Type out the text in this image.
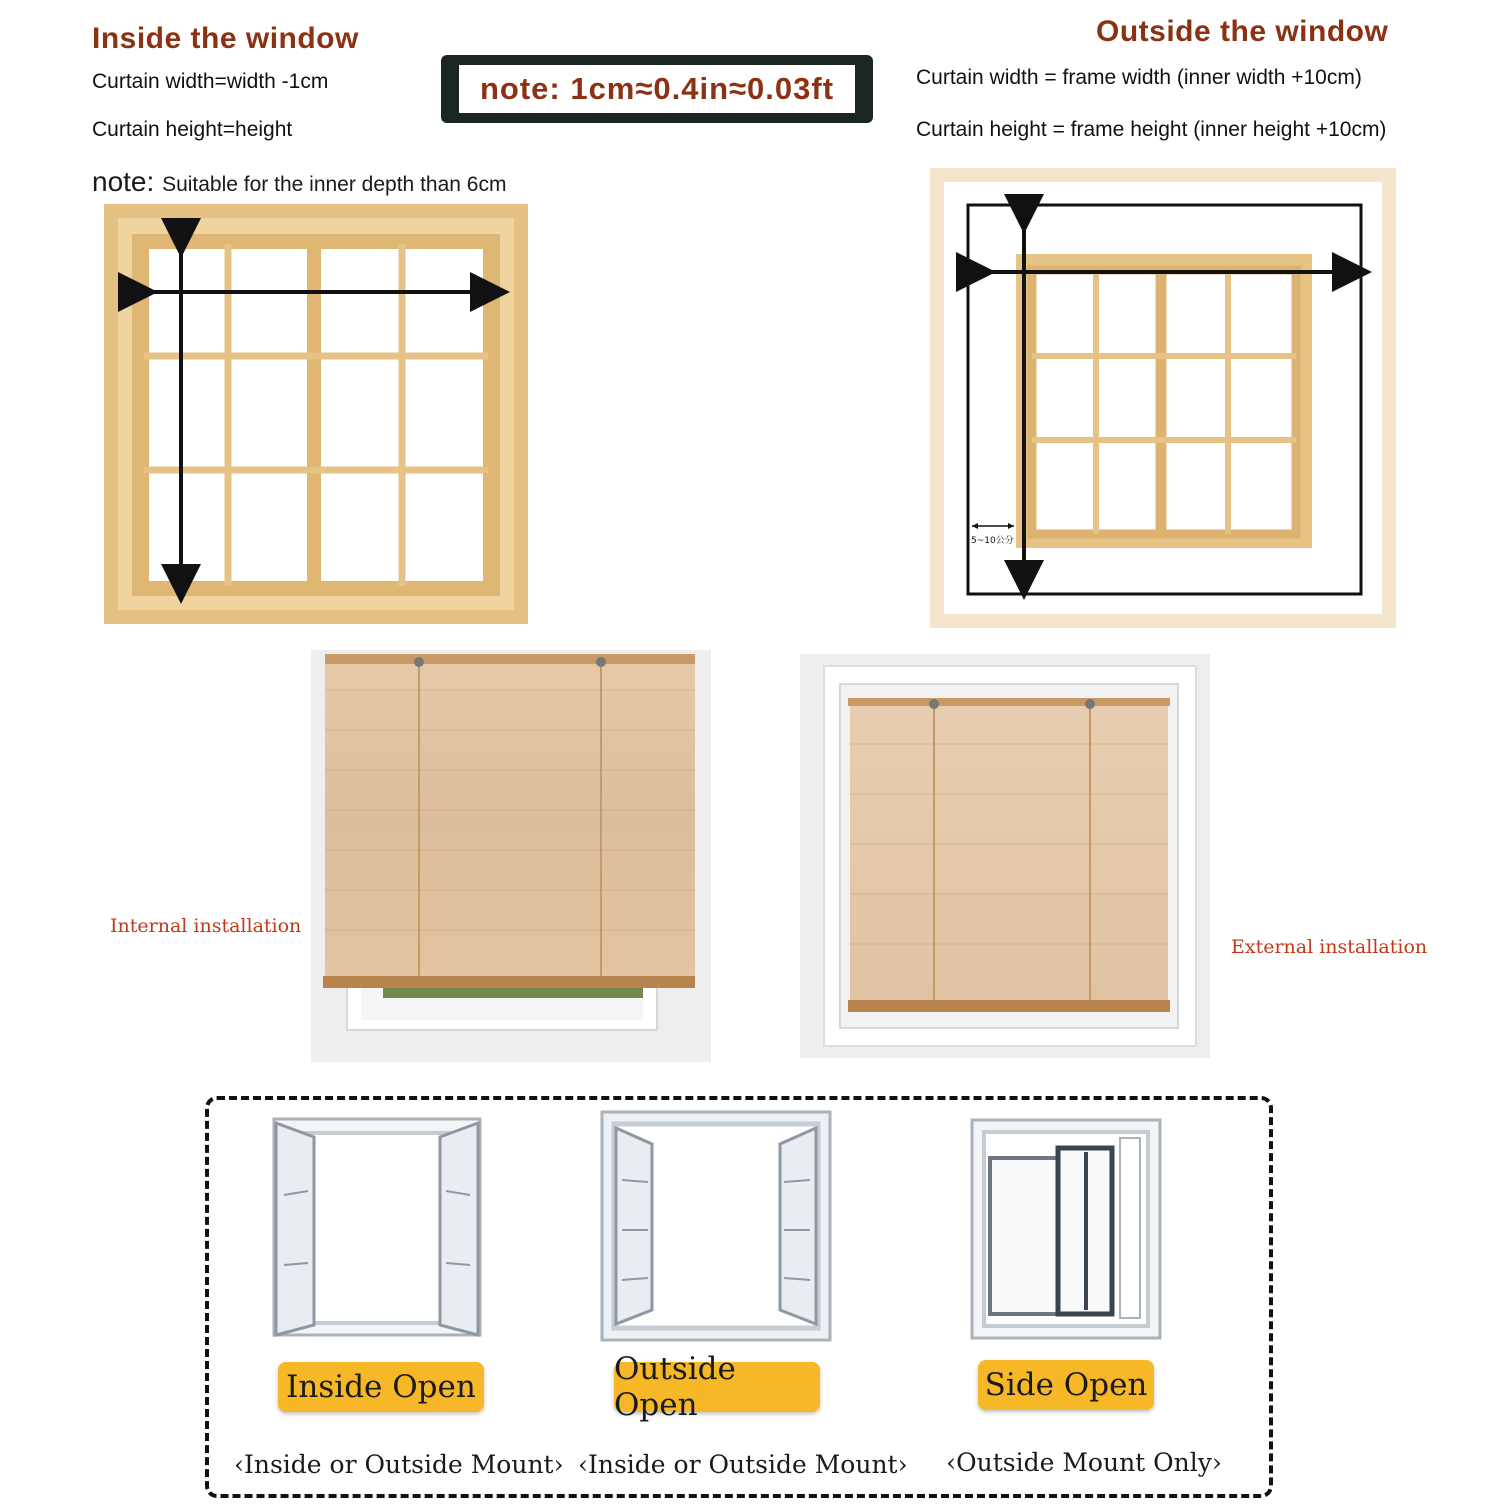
Inside the window
Curtain width=width -1cm
Curtain height=height
note: Suitable for the inner depth than 6cm
note: 1cm≈0.4in≈0.03ft
Outside the window
Curtain width = frame width (inner width +10cm)
Curtain height = frame height (inner height +10cm)
5~10公分
Internal installation
External installation
Inside Open	Outside Open
Side Open
‹Inside or Outside Mount› ‹Inside or Outside Mount›	‹Outside Mount Only›
